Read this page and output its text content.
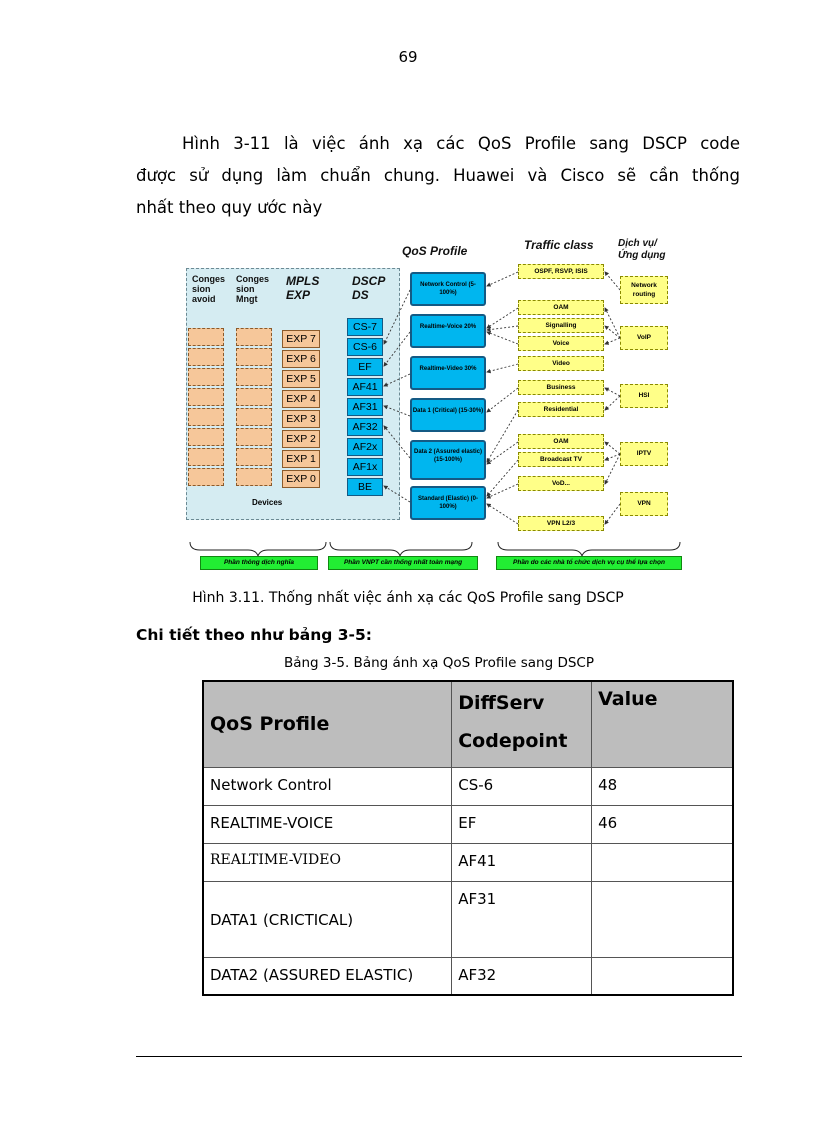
69
Hình 3-11 là việc ánh xạ các QoS Profile sang DSCP code
được sử dụng làm chuẩn chung. Huawei và Cisco sẽ cần thống
nhất theo quy ước này
Conges sion avoid
Conges sion Mngt
MPLS EXP
DSCP DS
QoS Profile	Traffic class	Dịch vụ/ Ứng dụng
EXP 7
EXP 6
EXP 5
EXP 4
EXP 3
EXP 2
EXP 1
EXP 0
CS-7
CS-6
EF
AF41
AF31
AF32
AF2x
AF1x
BE
Network Control (5-100%)
Realtime-Voice 20%
Realtime-Video 30%
Data 1 (Critical) (15-30%)
Data 2 (Assured elastic) (15-100%)
Standard (Elastic) (0-100%)
OSPF, RSVP, ISIS
OAM
Signalling
Voice
Video
Business
Residential
OAM
Broadcast TV
VoD...
VPN L2/3
Network routing
VoIP
HSI
IPTV
VPN
Devices
Phần thông dịch nghĩa	Phần VNPT cần thống nhất toàn mạng	Phần do các nhà tổ chức dịch vụ cụ thể lựa chọn
Hình 3.11. Thống nhất việc ánh xạ các QoS Profile sang DSCP
Chi tiết theo như bảng 3-5:
Bảng 3-5. Bảng ánh xạ QoS Profile sang DSCP
QoS Profile	DiffServ Codepoint	Value
Network Control	CS-6	48
REALTIME-VOICE	EF	46
REALTIME-VIDEO	AF41	
DATA1 (CRICTICAL)	AF31	
DATA2 (ASSURED ELASTIC)	AF32	
